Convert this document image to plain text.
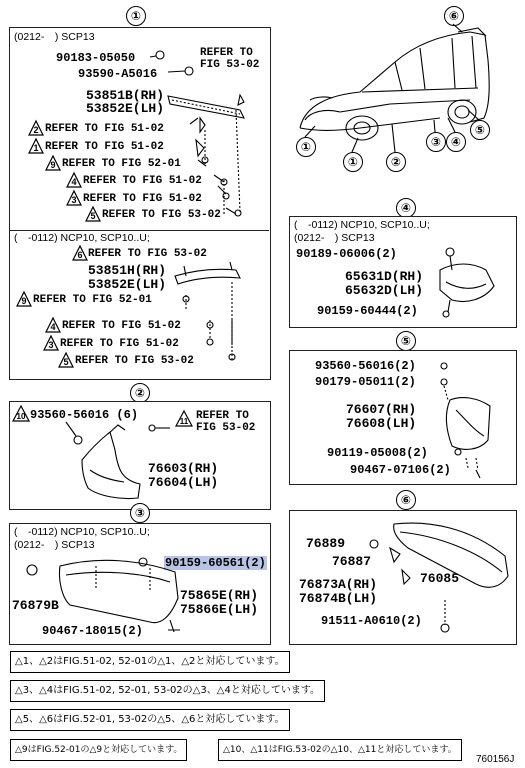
①
(0212-　) SCP13
90183-05050
93590-A5016
53851B(RH)
53852E(LH)
REFER TO FIG 53-02
REFER TO FIG 51-02
REFER TO FIG 51-02
REFER TO FIG 52-01
REFER TO FIG 51-02
REFER TO FIG 51-02
REFER TO FIG 53-02
(　-0112) NCP10, SCP10..U;
REFER TO FIG 53-02
53851H(RH)
53852E(LH)
REFER TO FIG 52-01
REFER TO FIG 51-02
REFER TO FIG 51-02
REFER TO FIG 53-02
②
93560-56016 (6)	REFER TO FIG 53-02
76603(RH)
76604(LH)
③
(　-0112) NCP10, SCP10..U;
(0212-　) SCP13
90159-60561(2)
76879B
75865E(RH)
75866E(LH)
90467-18015(2)
④
(　-0112) NCP10, SCP10..U;
(0212-　) SCP13
90189-06006(2)
65631D(RH)
65632D(LH)
90159-60444(2)
⑤
93560-56016(2)
90179-05011(2)
76607(RH)
76608(LH)
90119-05008(2)
90467-07106(2)
⑥
76889
76887
76873A(RH)
76874B(LH)
76085
91511-A0610(2)
⑥
①
①	②
③ ④
⑤
2
1
9
4
3
5
6
9
4
3
5
10
11
△1、△2はFIG.51-02, 52-01の△1、△2と対応しています。
△3、△4はFIG.51-02, 52-01, 53-02の△3、△4と対応しています。
△5、△6はFIG.52-01, 53-02の△5、△6と対応しています。
△9はFIG.52-01の△9と対応しています。	△10、△11はFIG.53-02の△10、△11と対応しています。
760156J
